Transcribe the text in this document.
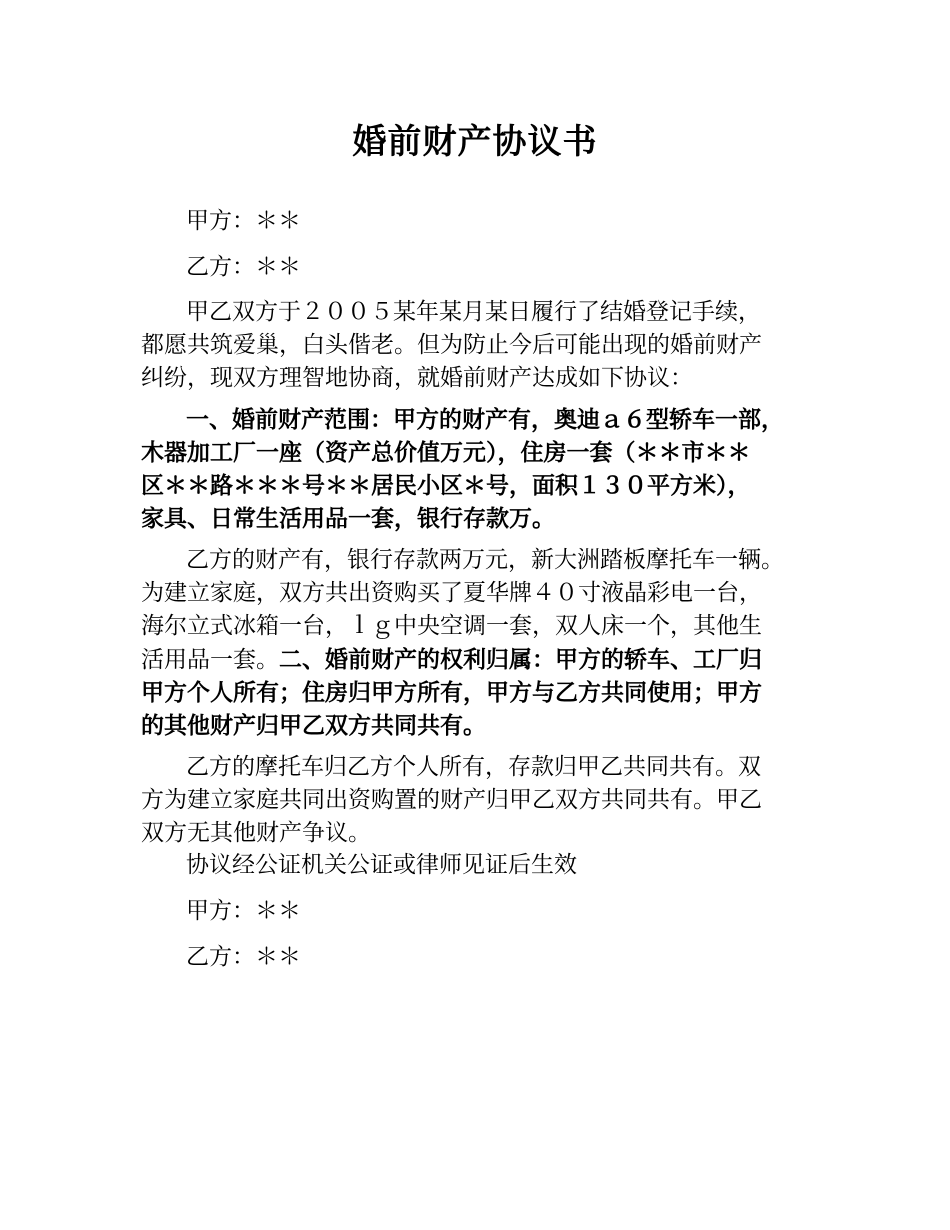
婚前财产协议书
甲方：＊＊
乙方：＊＊
甲乙双方于２００５某年某月某日履行了结婚登记手续，
都愿共筑爱巢，白头偕老。但为防止今后可能出现的婚前财产
纠纷，现双方理智地协商，就婚前财产达成如下协议：
一、婚前财产范围：甲方的财产有，奥迪ａ６型轿车一部，
木器加工厂一座（资产总价值万元），住房一套（＊＊市＊＊
区＊＊路＊＊＊号＊＊居民小区＊号，面积１３０平方米），
家具、日常生活用品一套，银行存款万。
乙方的财产有，银行存款两万元，新大洲踏板摩托车一辆。
为建立家庭，双方共出资购买了夏华牌４０寸液晶彩电一台，
海尔立式冰箱一台，ｌｇ中央空调一套，双人床一个，其他生
活用品一套。二、婚前财产的权利归属：甲方的轿车、工厂归
甲方个人所有；住房归甲方所有，甲方与乙方共同使用；甲方
的其他财产归甲乙双方共同共有。
乙方的摩托车归乙方个人所有，存款归甲乙共同共有。双
方为建立家庭共同出资购置的财产归甲乙双方共同共有。甲乙
双方无其他财产争议。
协议经公证机关公证或律师见证后生效
甲方：＊＊
乙方：＊＊
